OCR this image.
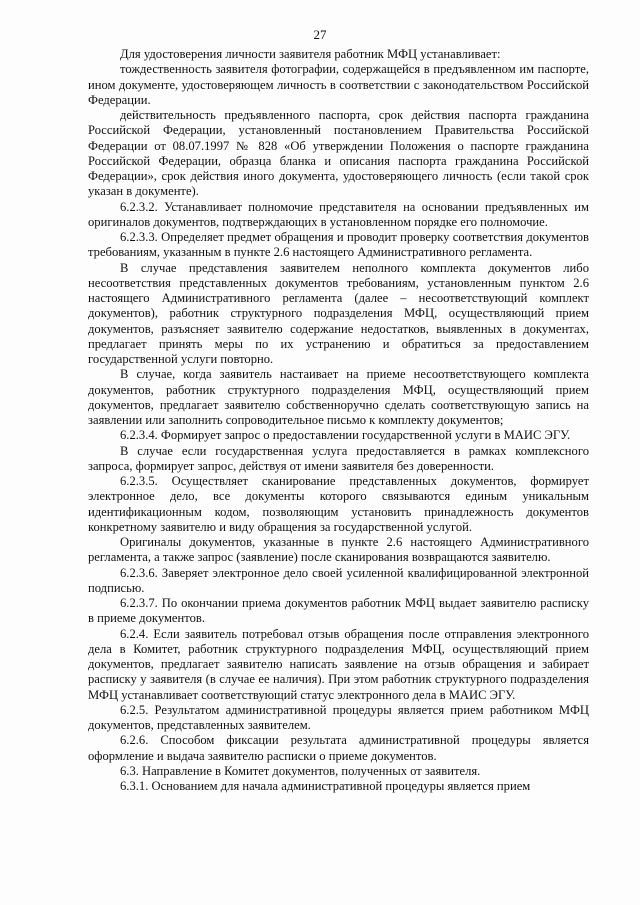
27

Для удостоверения личности заявителя работник МФЦ устанавливает:

тождественность заявителя фотографии, содержащейся в предъявленном им паспорте, ином документе, удостоверяющем личность в соответствии с законодательством Российской Федерации.

действительность предъявленного паспорта, срок действия паспорта гражданина Российской Федерации, установленный постановлением Правительства Российской Федерации от 08.07.1997 № 828 «Об утверждении Положения о паспорте гражданина Российской Федерации, образца бланка и описания паспорта гражданина Российской Федерации», срок действия иного документа, удостоверяющего личность (если такой срок указан в документе).

6.2.3.2. Устанавливает полномочие представителя на основании предъявленных им оригиналов документов, подтверждающих в установленном порядке его полномочие.

6.2.3.3. Определяет предмет обращения и проводит проверку соответствия документов требованиям, указанным в пункте 2.6 настоящего Административного регламента.

В случае представления заявителем неполного комплекта документов либо несоответствия представленных документов требованиям, установленным пунктом 2.6 настоящего Административного регламента (далее – несоответствующий комплект документов), работник структурного подразделения МФЦ, осуществляющий прием документов, разъясняет заявителю содержание недостатков, выявленных в документах, предлагает принять меры по их устранению и обратиться за предоставлением государственной услуги повторно.

В случае, когда заявитель настаивает на приеме несоответствующего комплекта документов, работник структурного подразделения МФЦ, осуществляющий прием документов, предлагает заявителю собственноручно сделать соответствующую запись на заявлении или заполнить сопроводительное письмо к комплекту документов;

6.2.3.4. Формирует запрос о предоставлении государственной услуги в МАИС ЭГУ.

В случае если государственная услуга предоставляется в рамках комплексного запроса, формирует запрос, действуя от имени заявителя без доверенности.

6.2.3.5. Осуществляет сканирование представленных документов, формирует электронное дело, все документы которого связываются единым уникальным идентификационным кодом, позволяющим установить принадлежность документов конкретному заявителю и виду обращения за государственной услугой.

Оригиналы документов, указанные в пункте 2.6 настоящего Административного регламента, а также запрос (заявление) после сканирования возвращаются заявителю.

6.2.3.6. Заверяет электронное дело своей усиленной квалифицированной электронной подписью.

6.2.3.7. По окончании приема документов работник МФЦ выдает заявителю расписку в приеме документов.

6.2.4. Если заявитель потребовал отзыв обращения после отправления электронного дела в Комитет, работник структурного подразделения МФЦ, осуществляющий прием документов, предлагает заявителю написать заявление на отзыв обращения и забирает расписку у заявителя (в случае ее наличия). При этом работник структурного подразделения МФЦ устанавливает соответствующий статус электронного дела в МАИС ЭГУ.

6.2.5. Результатом административной процедуры является прием работником МФЦ документов, представленных заявителем.

6.2.6. Способом фиксации результата административной процедуры является оформление и выдача заявителю расписки о приеме документов.

6.3. Направление в Комитет документов, полученных от заявителя.

6.3.1. Основанием для начала административной процедуры является прием
